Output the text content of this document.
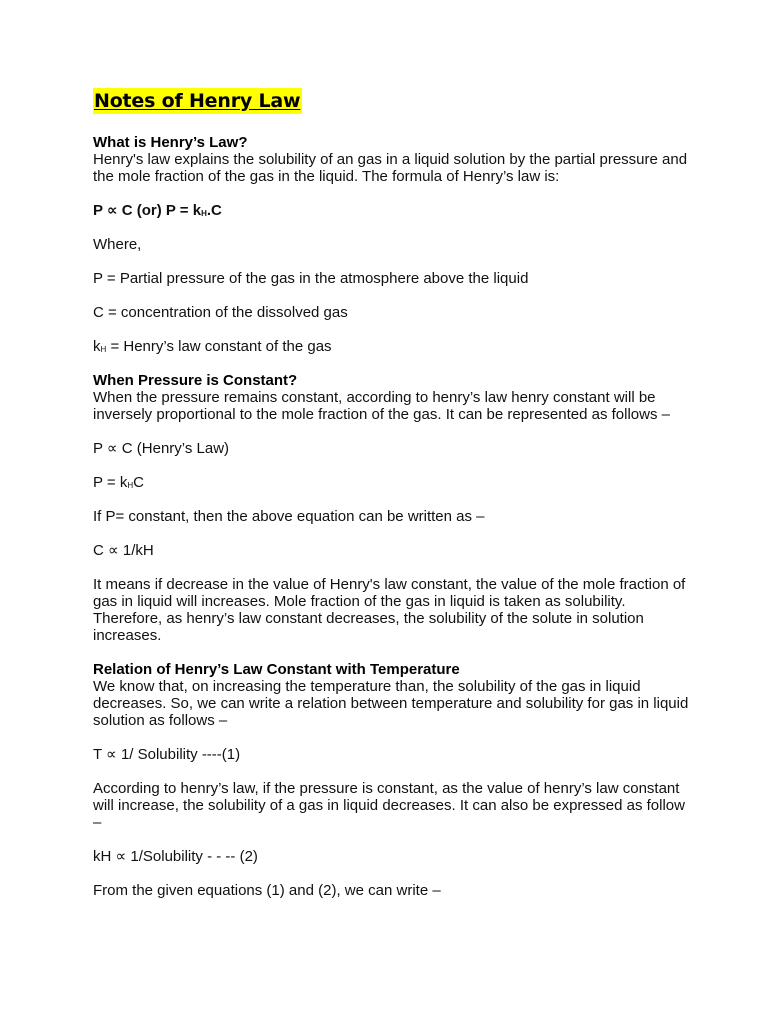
Notes of Henry Law
What is Henry’s Law?

Henry's law explains the solubility of an gas in a liquid solution by the partial pressure and the mole fraction of the gas in the liquid. The formula of Henry’s law is:

P ∝ C (or) $P = k_H.C$

Where,

P = Partial pressure of the gas in the atmosphere above the liquid

C = concentration of the dissolved gas

$k_H$ = Henry’s law constant of the gas

When Pressure is Constant?

When the pressure remains constant, according to henry’s law henry constant will be inversely proportional to the mole fraction of the gas. It can be represented as follows –

P ∝ C (Henry’s Law)

$P = k_HC$

If P= constant, then the above equation can be written as –

C ∝ 1/kH

It means if decrease in the value of Henry's law constant, the value of the mole fraction of gas in liquid will increases. Mole fraction of the gas in liquid is taken as solubility. Therefore, as henry’s law constant decreases, the solubility of the solute in solution increases.

Relation of Henry’s Law Constant with Temperature

We know that, on increasing the temperature than, the solubility of the gas in liquid decreases. So, we can write a relation between temperature and solubility for gas in liquid solution as follows –

T ∝ 1/ Solubility ----(1)

According to henry’s law, if the pressure is constant, as the value of henry’s law constant will increase, the solubility of a gas in liquid decreases. It can also be expressed as follow –

kH ∝ 1/Solubility - - -- (2)

From the given equations (1) and (2), we can write –
